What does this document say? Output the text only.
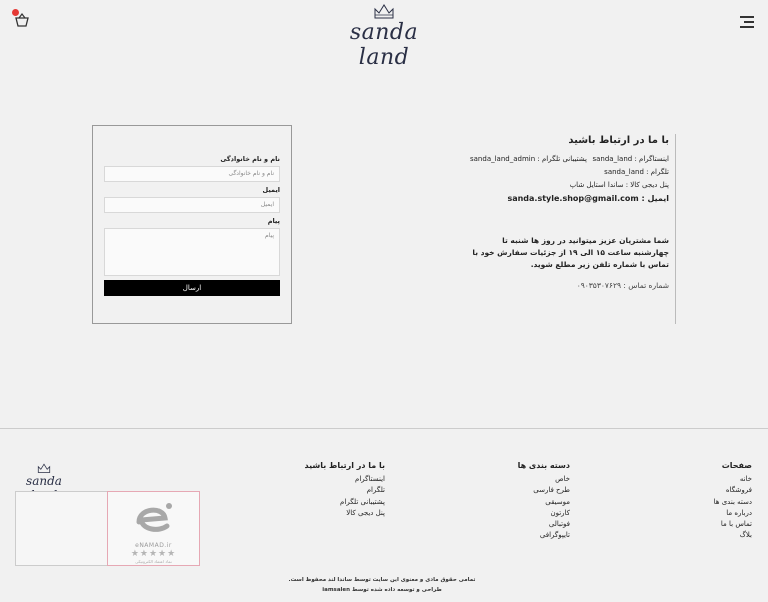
sanda land
با ما در ارتباط باشید
اینستاگرام : sanda_land
پشتیبانی تلگرام : sanda_land_admin
تلگرام : sanda_land
پنل دیجی کالا : ساندا استایل شاپ
ایمیل : sanda.style.shop@gmail.com
شما مشتریان عزیز میتوانید در روز ها شنبه تا چهارشنبه ساعت ۱۵ الی ۱۹ از جزئیات سفارش خود با تماس با شماره تلفن زیر مطلع شوید.
شماره تماس : ۰۹۰۳۵۳۰۷۶۲۹
نام و نام خانوادگی
نام و نام خانوادگی
ایمیل
ایمیل
پیام
پیام
ارسال
صفحات
خانه
فروشگاه
دسته بندی ها
درباره ما
تماس با ما
بلاگ
دسته بندی ها
خاص
طرح فارسی
موسیقی
کارتون
فوتبالی
تایپوگرافی
با ما در ارتباط باشید
اینستاگرام
تلگرام
پشتیبانی تلگرام
پنل دیجی کالا
sanda
eNAMAD.ir
★★★★★
نماد اعتماد الکترونیکی
تمامی حقوق مادی و معنوی این سایت توسط ساندا لند محفوظ است.
طراحی و توسعه داده شده توسط iamsalen
